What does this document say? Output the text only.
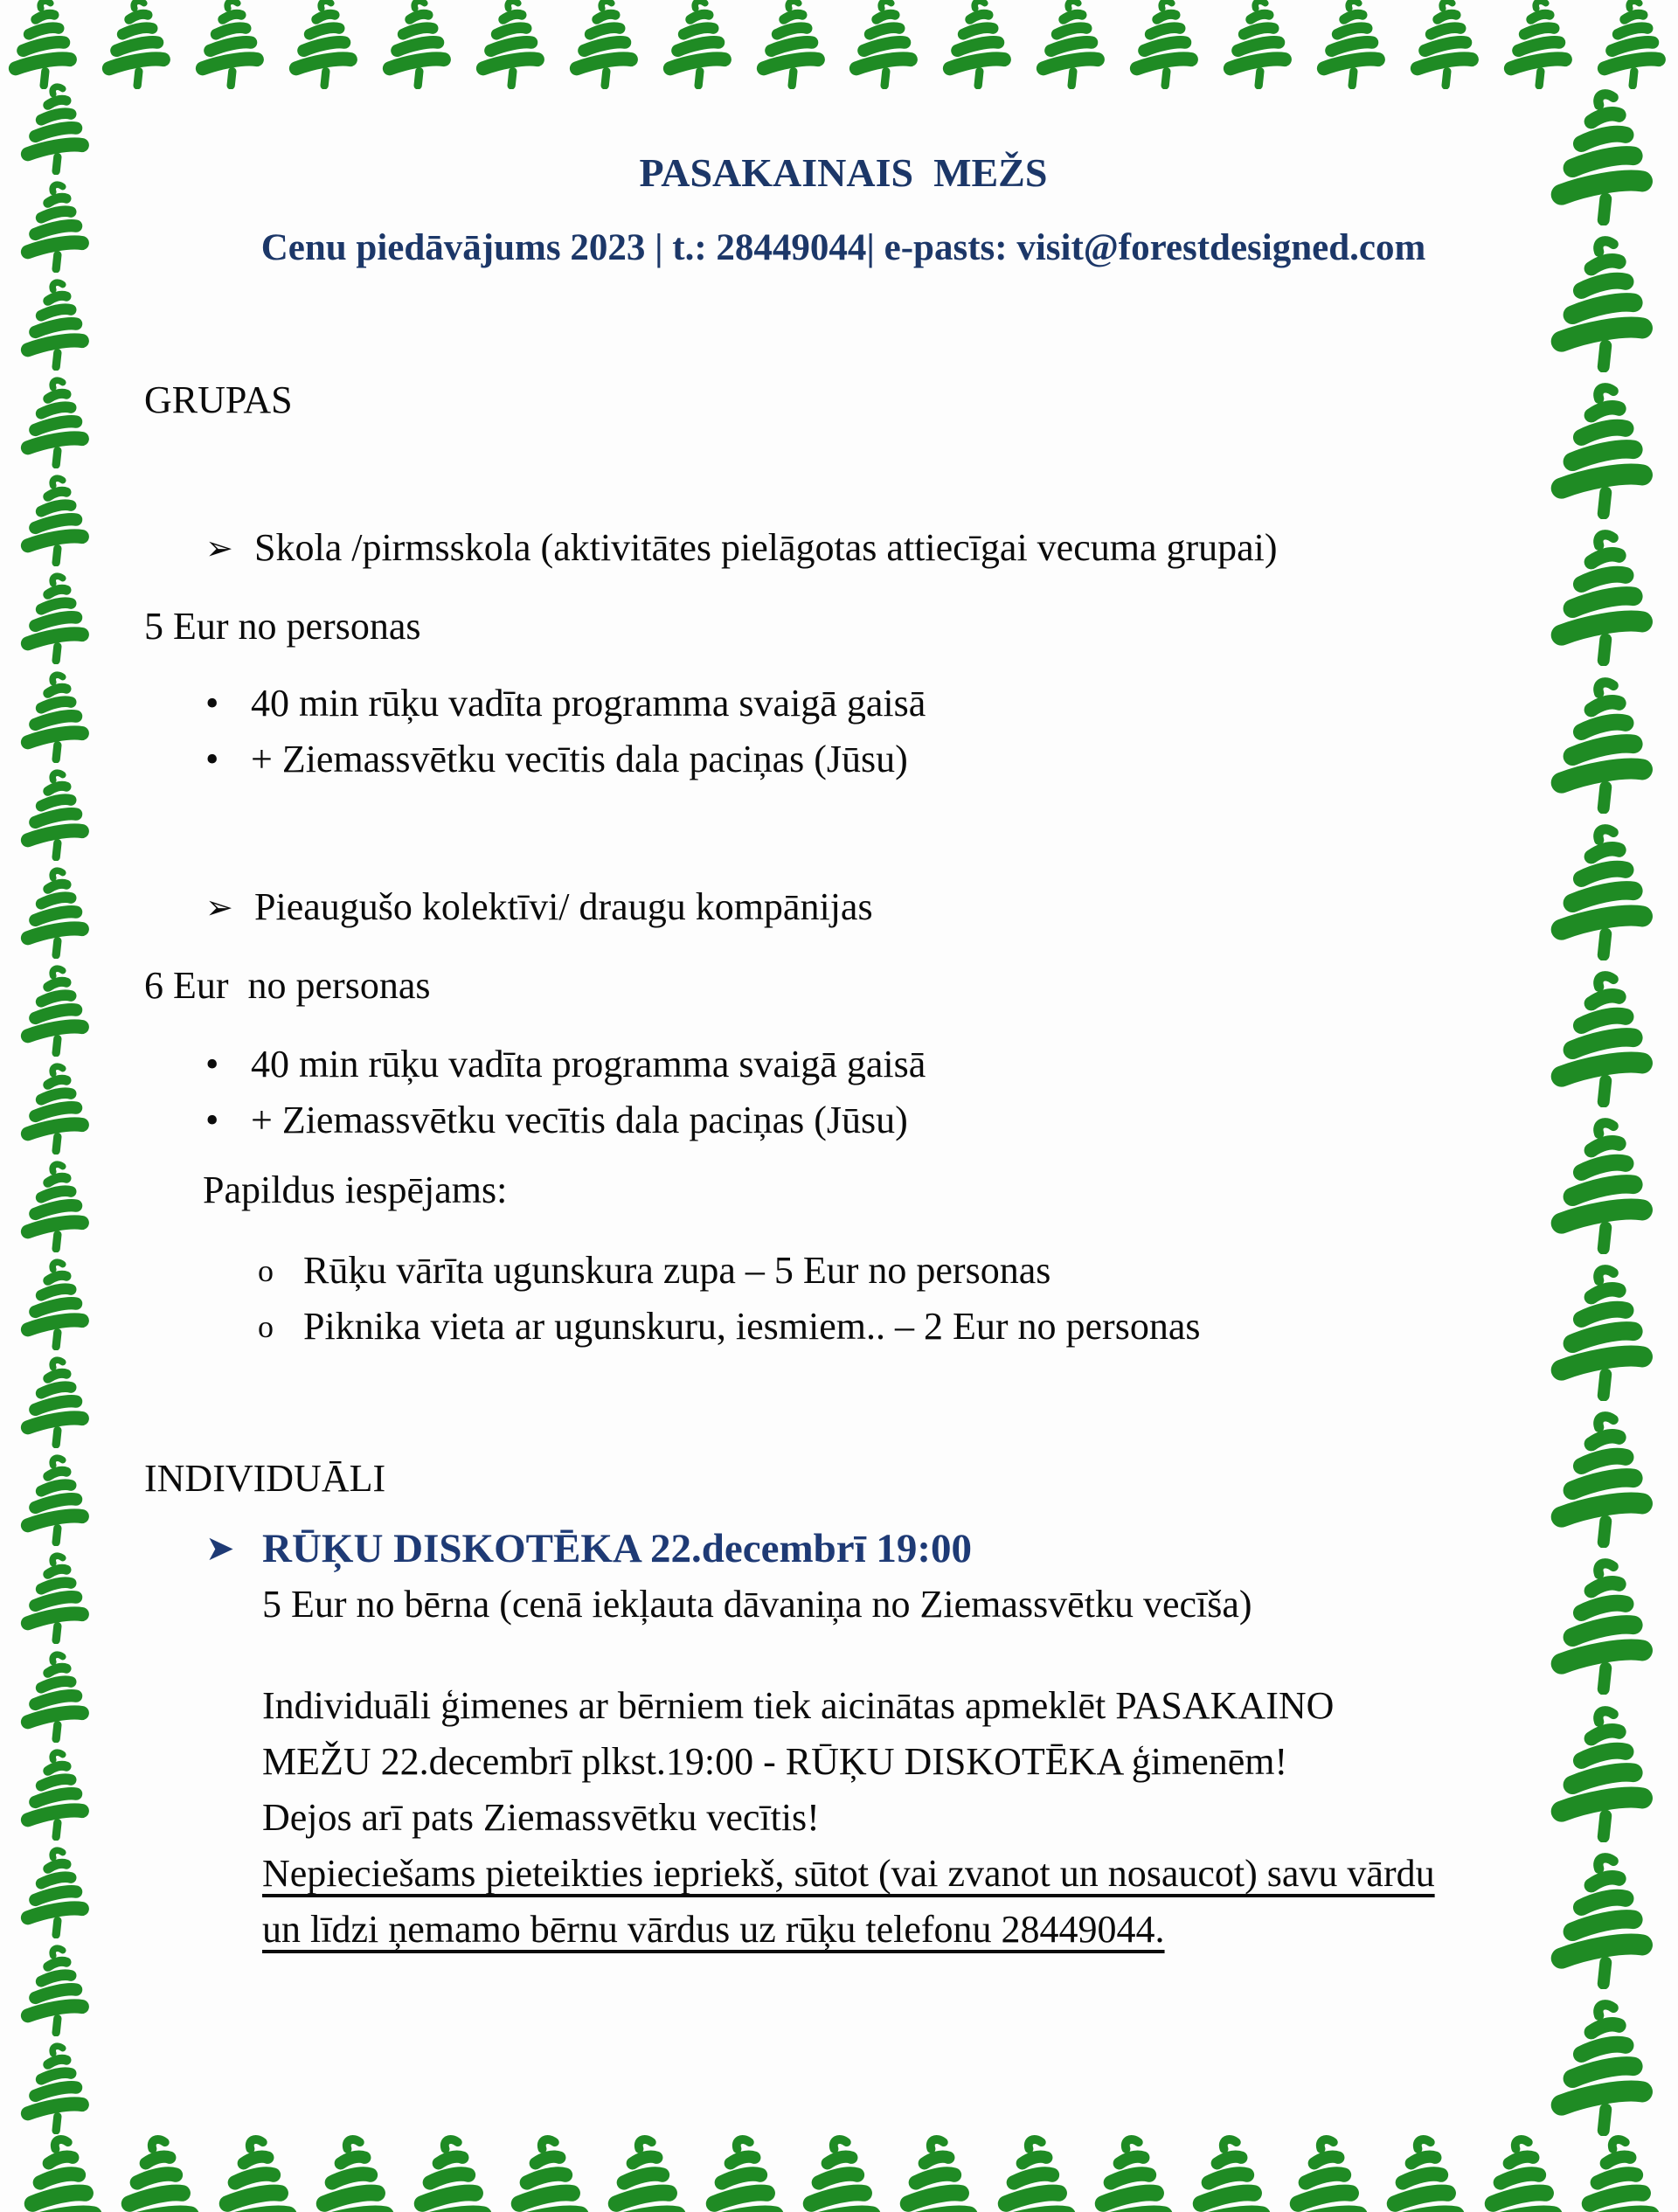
PASAKAINAIS  MEŽS
Cenu piedāvājums 2023 | t.: 28449044| e-pasts: visit@forestdesigned.com
GRUPAS
➢ Skola /pirmsskola (aktivitātes pielāgotas attiecīgai vecuma grupai)
5 Eur no personas
• 40 min rūķu vadīta programma svaigā gaisā
• + Ziemassvētku vecītis dala paciņas (Jūsu)
➢ Pieaugušo kolektīvi/ draugu kompānijas
6 Eur  no personas
• 40 min rūķu vadīta programma svaigā gaisā
• + Ziemassvētku vecītis dala paciņas (Jūsu)
Papildus iespējams:
o Rūķu vārīta ugunskura zupa – 5 Eur no personas
o Piknika vieta ar ugunskuru, iesmiem.. – 2 Eur no personas
INDIVIDUĀLI
➤ RŪĶU DISKOTĒKA 22.decembrī 19:00
5 Eur no bērna (cenā iekļauta dāvaniņa no Ziemassvētku vecīša)
Individuāli ģimenes ar bērniem tiek aicinātas apmeklēt PASAKAINO
MEŽU 22.decembrī plkst.19:00 - RŪĶU DISKOTĒKA ģimenēm!
Dejos arī pats Ziemassvētku vecītis!
Nepieciešams pieteikties iepriekš, sūtot (vai zvanot un nosaucot) savu vārdu
un līdzi ņemamo bērnu vārdus uz rūķu telefonu 28449044.
